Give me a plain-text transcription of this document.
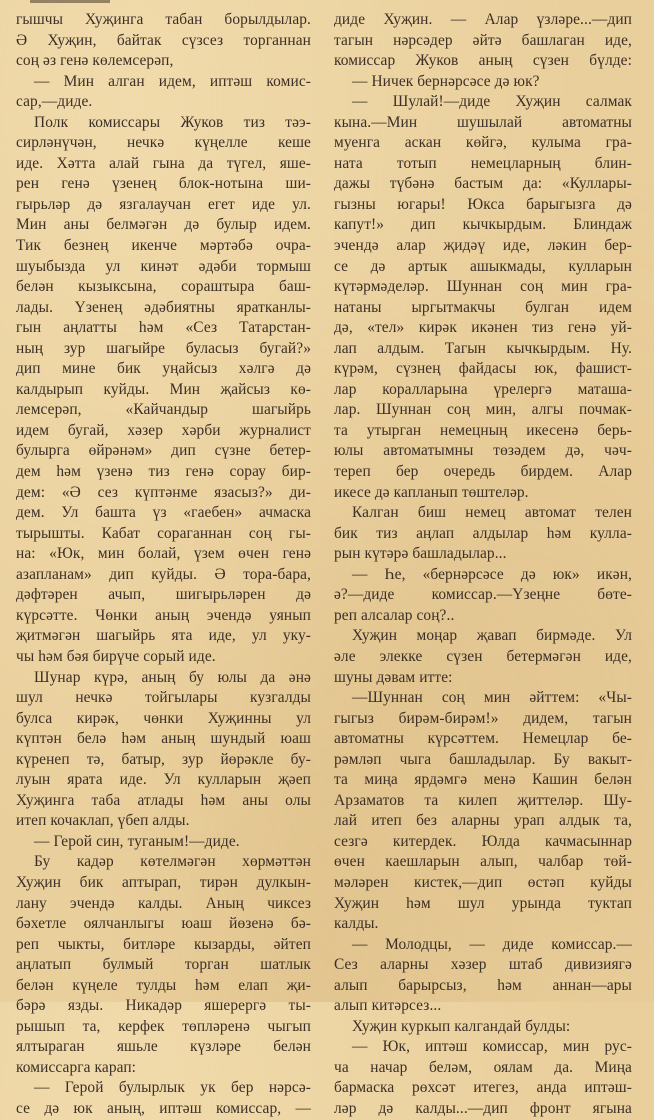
гышчы Хуҗинга табан борылдылар.
Ә Хуҗин, байтак сүзсез торганнан
соң әз генә көлемсерәп,
— Мин алган идем, иптәш комис-
сар,—диде.
Полк комиссары Жуков тиз тәэ-
сирләнүчән, нечкә күңелле кеше
иде. Хәтта алай гына да түгел, яше-
рен генә үзенең блок-нотына ши-
гырьләр дә язгалаучан егет иде ул.
Мин аны белмәгән дә булыр идем.
Тик безнең икенче мәртәбә очра-
шуыбызда ул кинәт әдәби тормыш
белән кызыксына, сораштыра баш-
лады. Үзенең әдәбиятны яратканлы-
гын аңлатты һәм «Сез Татарстан-
ның зур шагыйре буласыз бугай?»
дип мине бик уңайсыз хәлгә дә
калдырып куйды. Мин җайсыз кө-
лемсерәп, «Кайчандыр шагыйрь
идем бугай, хәзер хәрби журналист
булырга өйрәнәм» дип сүзне бетер-
дем һәм үзенә тиз генә сорау бир-
дем: «Ә сез күптәнме язасыз?» ди-
дем. Ул башта үз «гаебен» ачмаска
тырышты. Кабат сораганнан соң гы-
на: «Юк, мин болай, үзем өчен генә
азапланам» дип куйды. Ә тора-бара,
дәфтәрен ачып, шигырьләрен дә
күрсәтте. Чөнки аның эчендә уянып
җитмәгән шагыйрь ята иде, ул уку-
чы һәм бәя бирүче сорый иде.
Шунар күрә, аның бу юлы да әнә
шул нечкә тойгылары кузгалды
булса кирәк, чөнки Хуҗинны ул
күптән белә һәм аның шундый юаш
күренеп тә, батыр, зур йөрәкле бу-
луын ярата иде. Ул кулларын җәеп
Хуҗинга таба атлады һәм аны олы
итеп кочаклап, үбеп алды.
— Герой син, туганым!—диде.
Бу кадәр көтелмәгән хөрмәттән
Хуҗин бик аптырап, тирән дулкын-
лану эчендә калды. Аның чиксез
бәхетле оялчанлыгы юаш йөзенә бә-
реп чыкты, битләре кызарды, әйтеп
аңлатып булмый торган шатлык
белән күңеле тулды һәм елап җи-
бәрә язды. Никадәр яшерергә ты-
рышып та, керфек төпләренә чыгып
ялтыраган яшьле күзләре белән
комиссарга карап:
— Герой булырлык ук бер нәрсә-
се дә юк аның, иптәш комиссар, —
диде Хуҗин. — Алар үзләре...—дип
тагын нәрсәдер әйтә башлаган иде,
комиссар Жуков аның сүзен бүлде:
— Ничек бернәрсәсе дә юк?
— Шулай!—диде Хуҗин салмак
кына.—Мин шушылай автоматны
муенга аскан көйгә, кулыма гра-
ната тотып немецларның блин-
дажы түбәнә бастым да: «Куллары-
гызны югары! Юкса барыгызга дә
капут!» дип кычкырдым. Блиндаж
эчендә алар җидәү иде, ләкин бер-
се дә артык ашыкмады, кулларын
күтәрмәделәр. Шуннан соң мин гра-
натаны ыргытмакчы булган идем
дә, «тел» кирәк икәнен тиз генә уй-
лап алдым. Тагын кычкырдым. Ну.
күрәм, сүзнең файдасы юк, фашист-
лар коралларына үрелергә маташа-
лар. Шуннан соң мин, алгы почмак-
та утырган немецның икесенә берь-
юлы автоматымны төзәдем дә, чәч-
тереп бер очередь бирдем. Алар
икесе дә капланып төштеләр.
Калган биш немец автомат телен
бик тиз аңлап алдылар һәм кулла-
рын күтәрә башладылар...
— Һе, «бернәрсәсе дә юк» икән,
ә?—диде комиссар.—Үзеңне бөте-
реп алсалар соң?..
Хуҗин моңар җавап бирмәде. Ул
әле элекке сүзен бетермәгән иде,
шуны дәвам итте:
—Шуннан соң мин әйттем: «Чы-
гыгыз бирәм-бирәм!» дидем, тагын
автоматны күрсәттем. Немецлар бе-
рәмләп чыга башладылар. Бу вакыт-
та миңа ярдәмгә менә Кашин белән
Арзаматов та килеп җиттеләр. Шу-
лай итеп без аларны урап алдык та,
сезгә китердек. Юлда качмасыннар
өчен каешларын алып, чалбар төй-
мәләрен кистек,—дип өстәп куйды
Хуҗин һәм шул урында туктап
калды.
— Молодцы, — диде комиссар.—
Сез аларны хәзер штаб дивизиягә
алып барырсыз, һәм аннан—ары
алып китәрсез...
Хуҗин куркып калгандай булды:
— Юк, иптәш комиссар, мин рус-
ча начар беләм, оялам да. Миңа
бармаска рөхсәт итегез, анда иптәш-
ләр дә калды...—дип фронт ягына
